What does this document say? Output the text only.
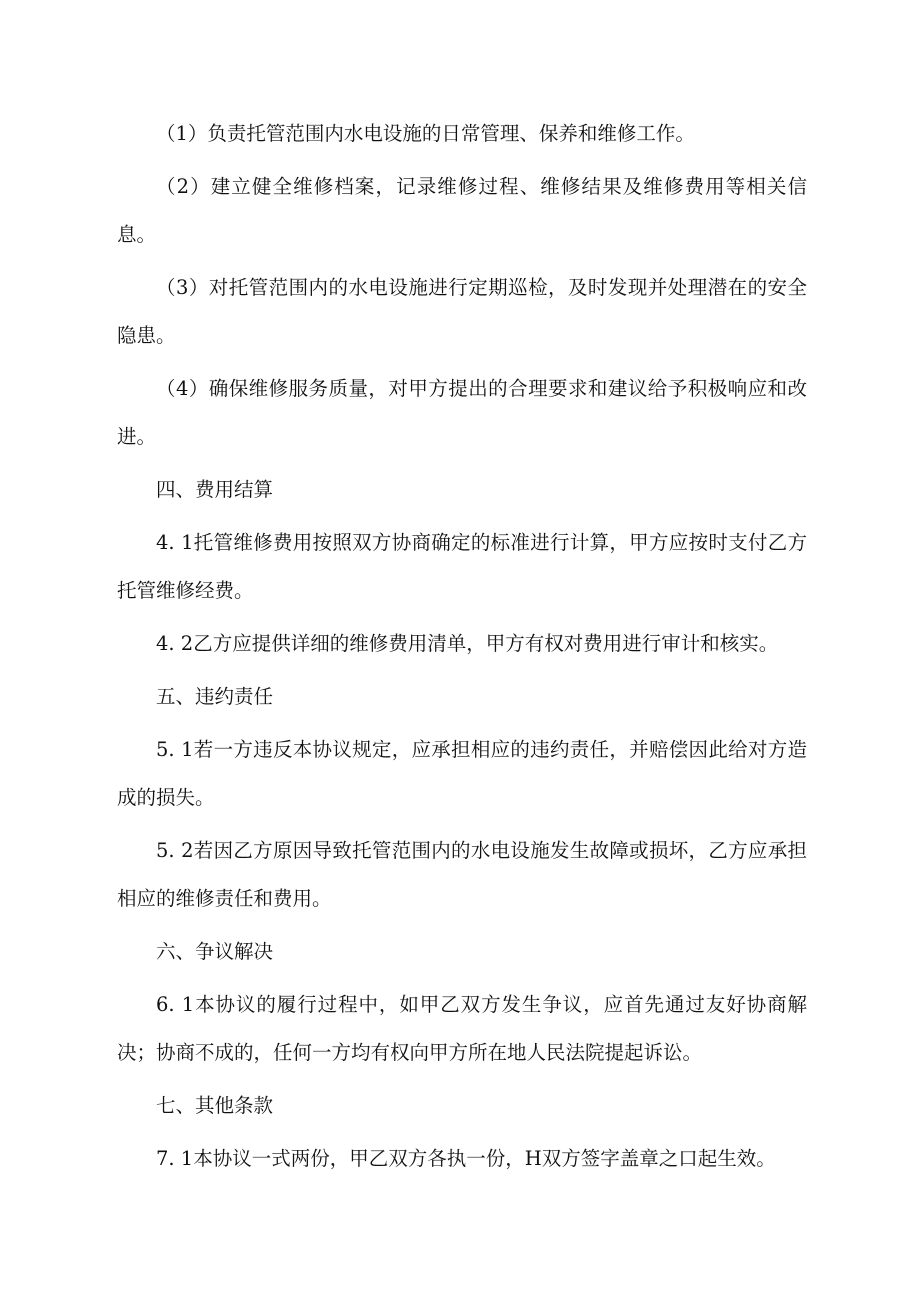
（1）负责托管范围内水电设施的日常管理、保养和维修工作。

（2）建立健全维修档案，记录维修过程、维修结果及维修费用等相关信息。

（3）对托管范围内的水电设施进行定期巡检，及时发现并处理潜在的安全隐患。

（4）确保维修服务质量，对甲方提出的合理要求和建议给予积极响应和改进。

四、费用结算

4. 1托管维修费用按照双方协商确定的标准进行计算，甲方应按时支付乙方托管维修经费。

4. 2乙方应提供详细的维修费用清单，甲方有权对费用进行审计和核实。

五、违约责任

5. 1若一方违反本协议规定，应承担相应的违约责任，并赔偿因此给对方造成的损失。

5. 2若因乙方原因导致托管范围内的水电设施发生故障或损坏，乙方应承担相应的维修责任和费用。

六、争议解决

6. 1本协议的履行过程中，如甲乙双方发生争议，应首先通过友好协商解决；协商不成的，任何一方均有权向甲方所在地人民法院提起诉讼。

七、其他条款

7. 1本协议一式两份，甲乙双方各执一份，H双方签字盖章之口起生效。
